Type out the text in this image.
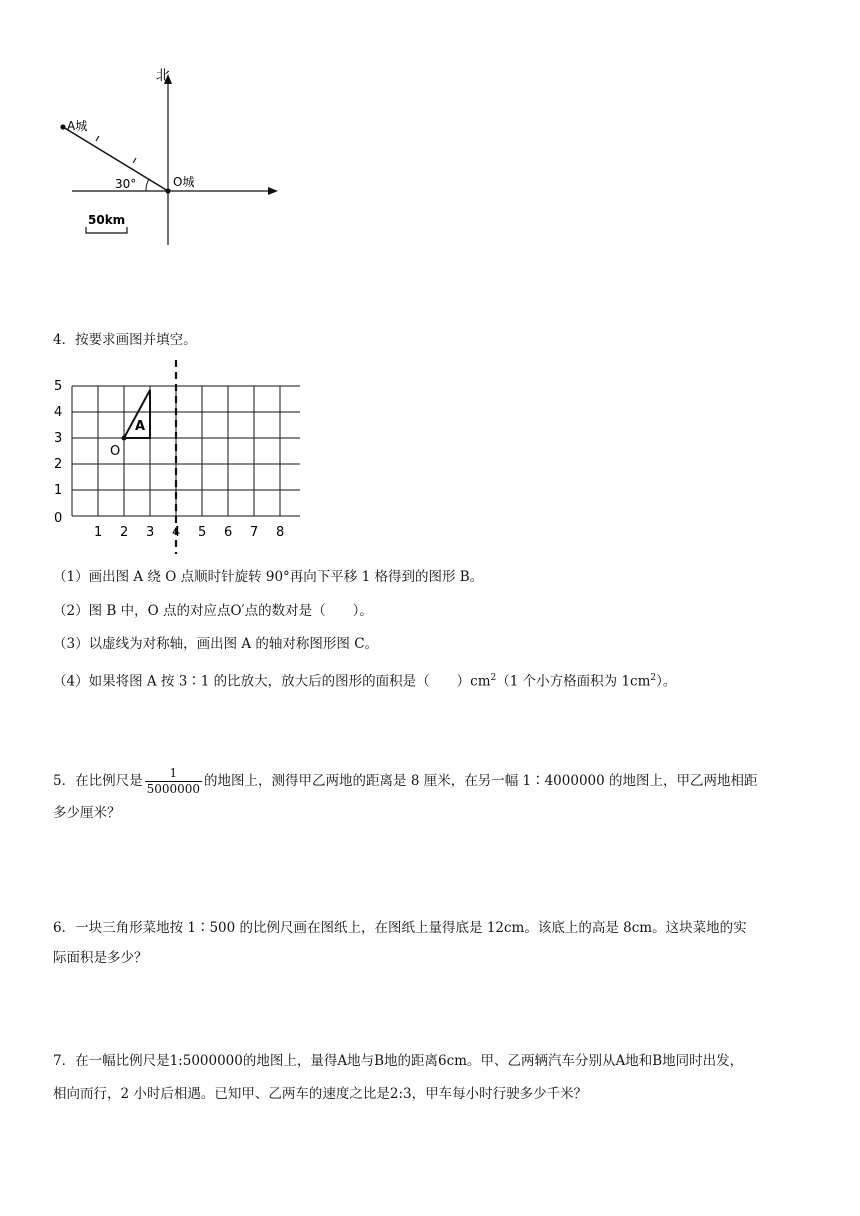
北
A城
O城
30°
50km
4．按要求画图并填空。
5
4
3
2
1
0
1 2 3 4 5 6 7 8
A
O
（1）画出图 A 绕 O 点顺时针旋转 90°再向下平移 1 格得到的图形 B。
（2）图 B 中，O 点的对应点O′点的数对是（　　）。
（3）以虚线为对称轴，画出图 A 的轴对称图形图 C。
（4）如果将图 A 按 3∶1 的比放大，放大后的图形的面积是（　　）$cm^2(1$ 个小方格面积为 $1cm^2$）。
5．在比例尺是 $\frac{1}{5000000}$ 的地图上，测得甲乙两地的距离是 8 厘米，在另一幅 1∶4000000 的地图上，甲乙两地相距
多少厘米？
6．一块三角形菜地按 1∶500 的比例尺画在图纸上，在图纸上量得底是 12cm。该底上的高是 8cm。这块菜地的实
际面积是多少？
7．在一幅比例尺是1:5000000的地图上，量得A地与B地的距离6cm。甲、乙两辆汽车分别从A地和B地同时出发，
相向而行，2 小时后相遇。已知甲、乙两车的速度之比是2:3，甲车每小时行驶多少千米？
